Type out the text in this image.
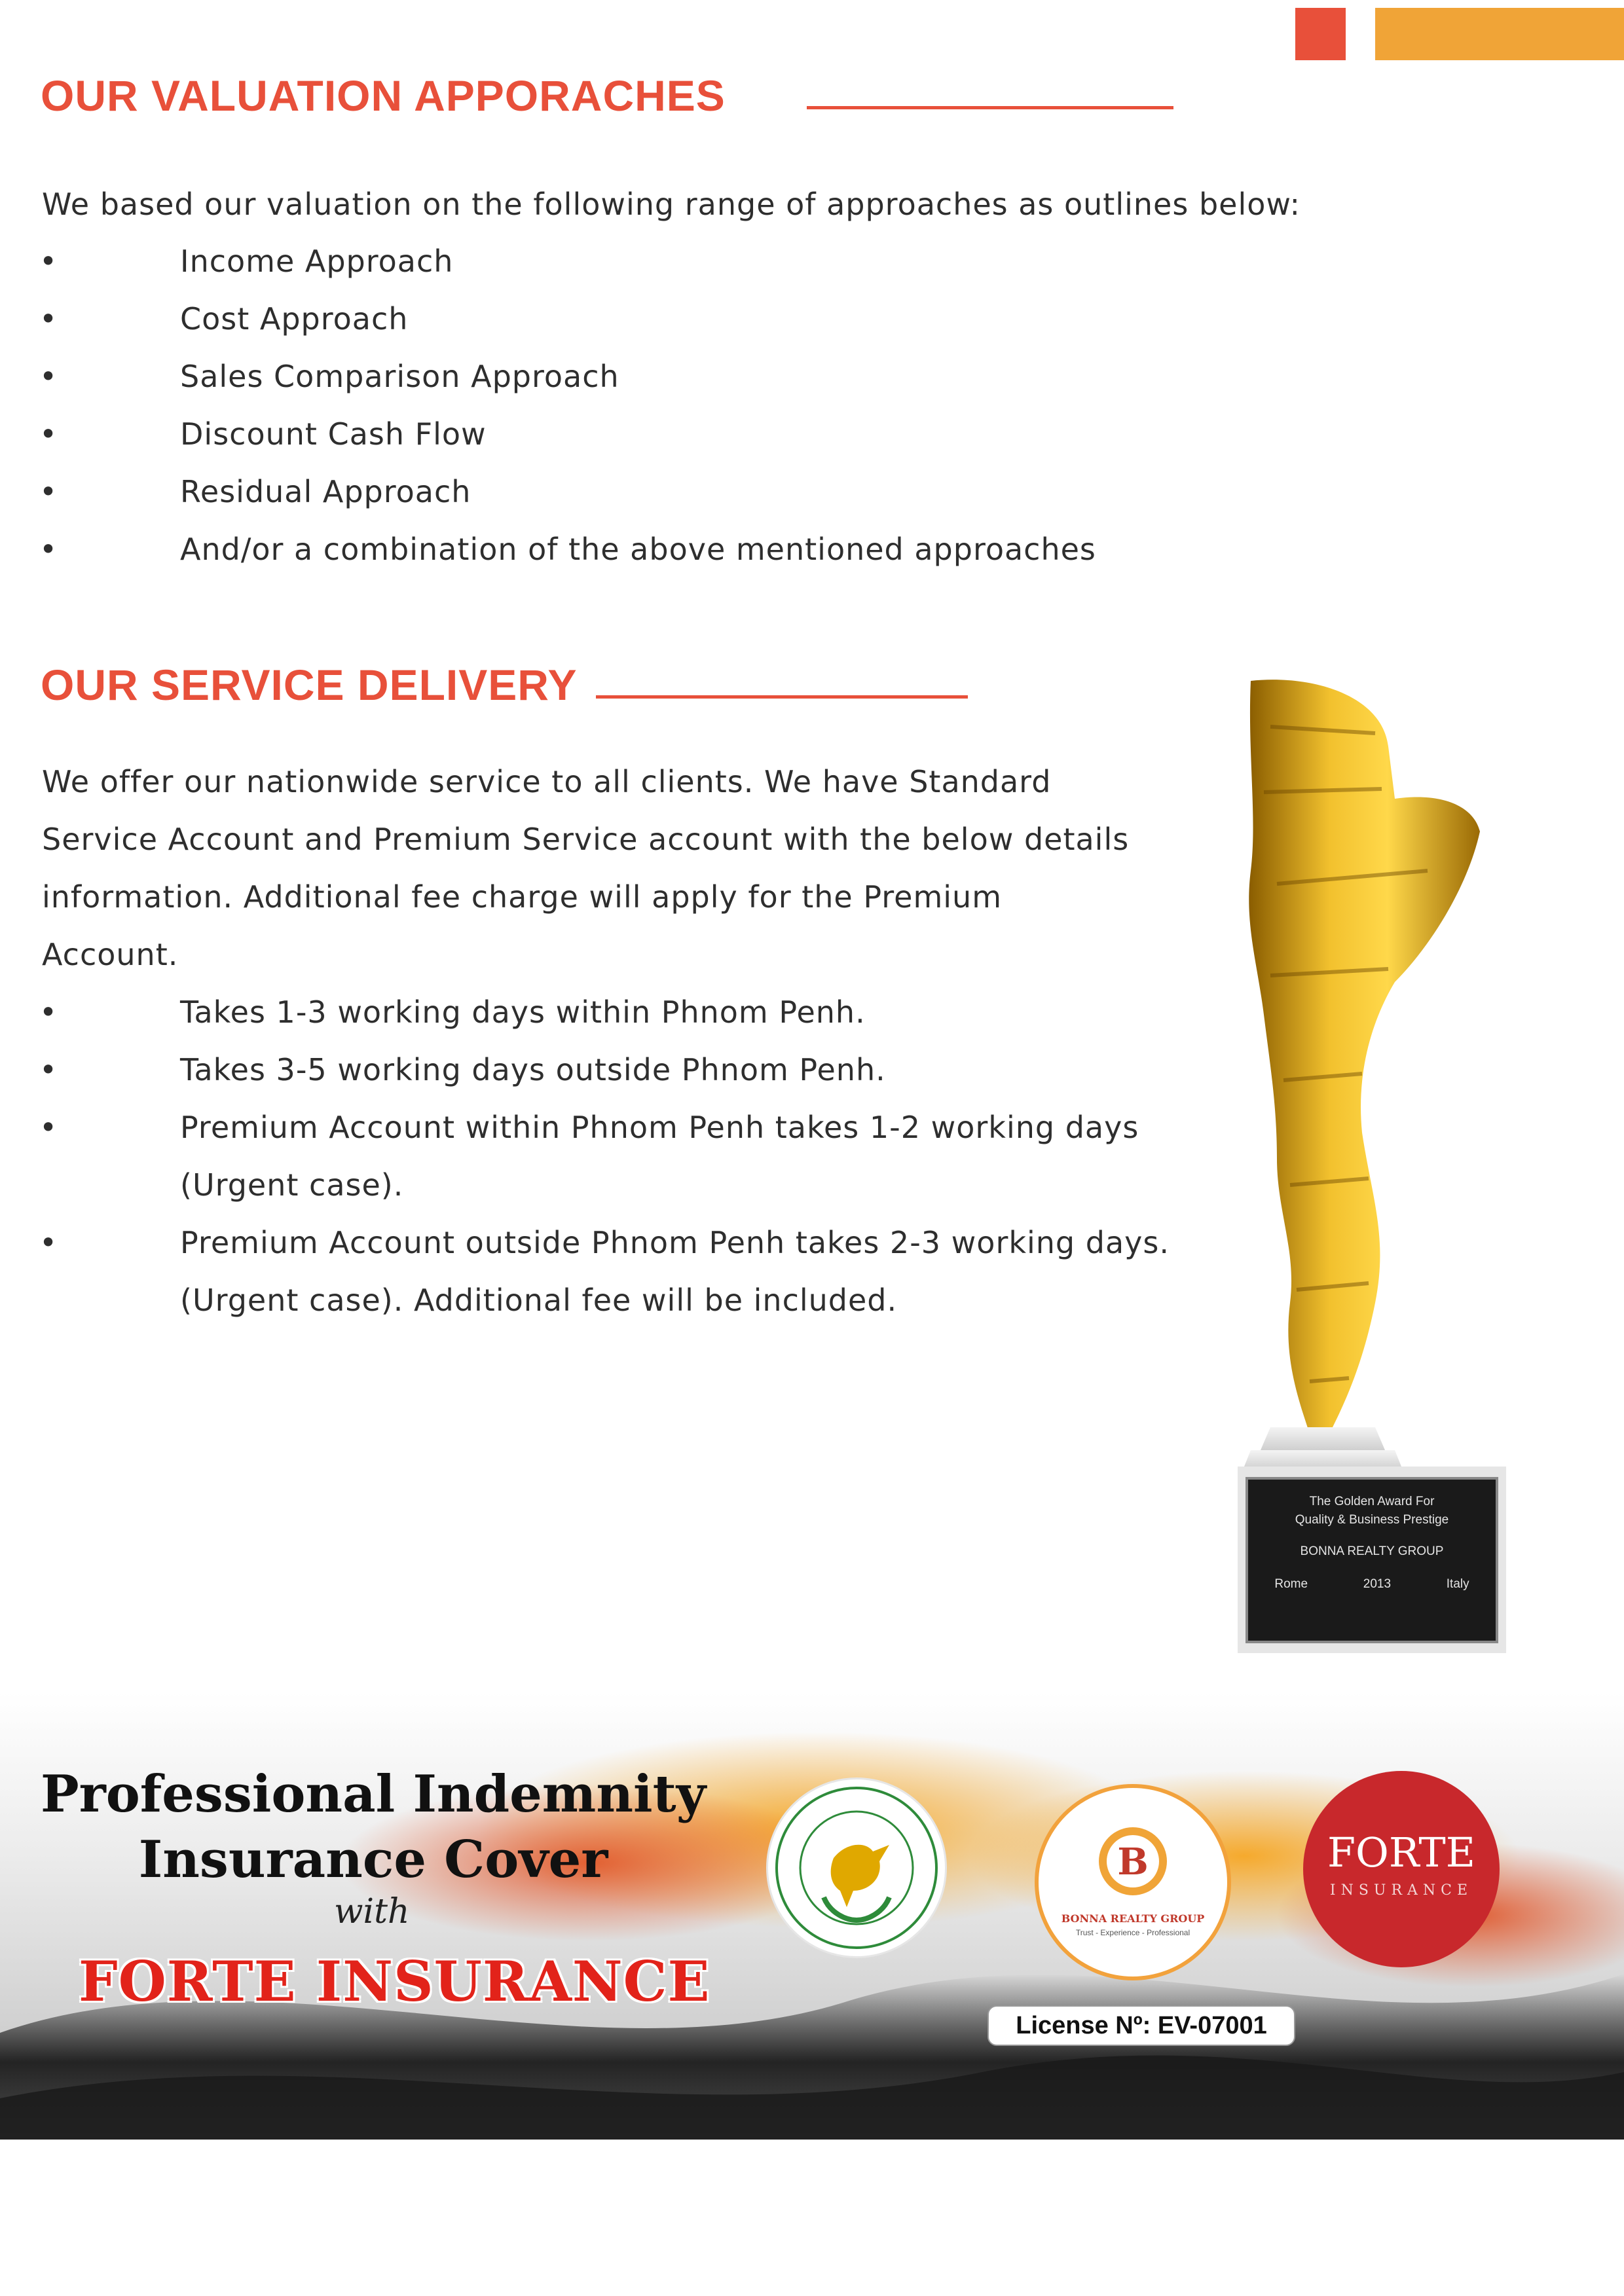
OUR VALUATION APPORACHES
We based our valuation on the following range of approaches as outlines below:
•	Income Approach
•	Cost Approach
•	Sales Comparison Approach
•	Discount Cash Flow
•	Residual Approach
•	And/or a combination of the above mentioned approaches
OUR SERVICE DELIVERY
We offer our nationwide service to all clients. We have Standard
Service Account and Premium Service account with the below details
information. Additional fee charge will apply for the Premium
Account.
•	Takes 1-3 working days within Phnom Penh.
•	Takes 3-5 working days outside Phnom Penh.
•	Premium Account within Phnom Penh takes 1-2 working days
(Urgent case).
•	Premium Account outside Phnom Penh takes 2-3 working days.
(Urgent case). Additional fee will be included.
The Golden Award For
Quality & Business Prestige
BONNA REALTY GROUP
Rome	2013	Italy
Professional Indemnity
Insurance Cover
with
FORTE INSURANCE
B
BONNA REALTY GROUP
Trust - Experience - Professional
FORTE
INSURANCE
License Nº: EV-07001
